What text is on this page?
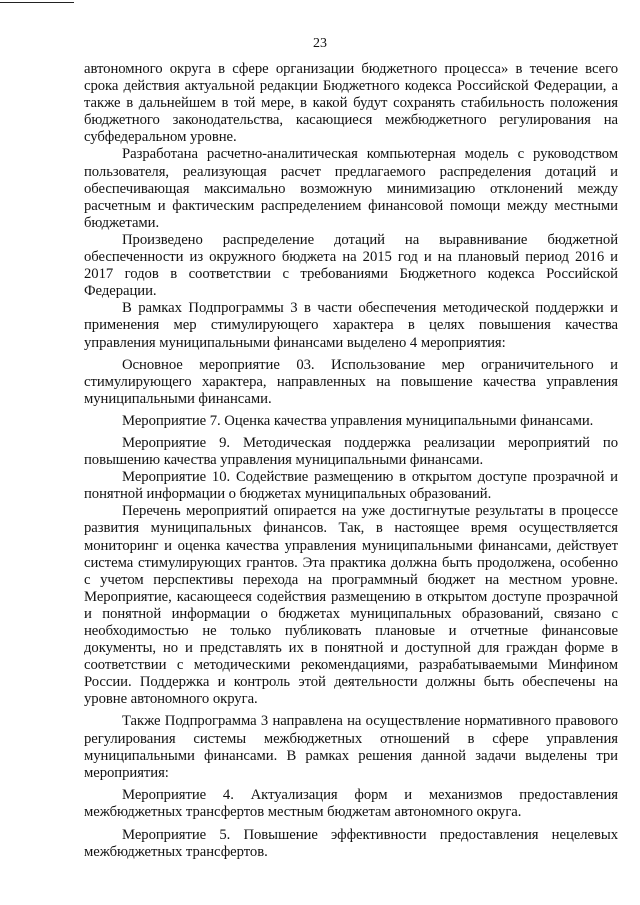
23

автономного округа в сфере организации бюджетного процесса» в течение всего срока действия актуальной редакции Бюджетного кодекса Российской Федерации, а также в дальнейшем в той мере, в какой будут сохранять стабильность положения бюджетного законодательства, касающиеся межбюджетного регулирования на субфедеральном уровне.

Разработана расчетно-аналитическая компьютерная модель с руководством пользователя, реализующая расчет предлагаемого распределения дотаций и обеспечивающая максимально возможную минимизацию отклонений между расчетным и фактическим распределением финансовой помощи между местными бюджетами.

Произведено распределение дотаций на выравнивание бюджетной обеспеченности из окружного бюджета на 2015 год и на плановый период 2016 и 2017 годов в соответствии с требованиями Бюджетного кодекса Российской Федерации.

В рамках Подпрограммы 3 в части обеспечения методической поддержки и применения мер стимулирующего характера в целях повышения качества управления муниципальными финансами выделено 4 мероприятия:

Основное мероприятие 03. Использование мер ограничительного и стимулирующего характера, направленных на повышение качества управления муниципальными финансами.

Мероприятие 7. Оценка качества управления муниципальными финансами.

Мероприятие 9. Методическая поддержка реализации мероприятий по повышению качества управления муниципальными финансами.

Мероприятие 10. Содействие размещению в открытом доступе прозрачной и понятной информации о бюджетах муниципальных образований.

Перечень мероприятий опирается на уже достигнутые результаты в процессе развития муниципальных финансов. Так, в настоящее время осуществляется мониторинг и оценка качества управления муниципальными финансами, действует система стимулирующих грантов. Эта практика должна быть продолжена, особенно с учетом перспективы перехода на программный бюджет на местном уровне. Мероприятие, касающееся содействия размещению в открытом доступе прозрачной и понятной информации о бюджетах муниципальных образований, связано с необходимостью не только публиковать плановые и отчетные финансовые документы, но и представлять их в понятной и доступной для граждан форме в соответствии с методическими рекомендациями, разрабатываемыми Минфином России. Поддержка и контроль этой деятельности должны быть обеспечены на уровне автономного округа.

Также Подпрограмма 3 направлена на осуществление нормативного правового регулирования системы межбюджетных отношений в сфере управления муниципальными финансами. В рамках решения данной задачи выделены три мероприятия:

Мероприятие 4. Актуализация форм и механизмов предоставления межбюджетных трансфертов местным бюджетам автономного округа.

Мероприятие 5. Повышение эффективности предоставления нецелевых межбюджетных трансфертов.
